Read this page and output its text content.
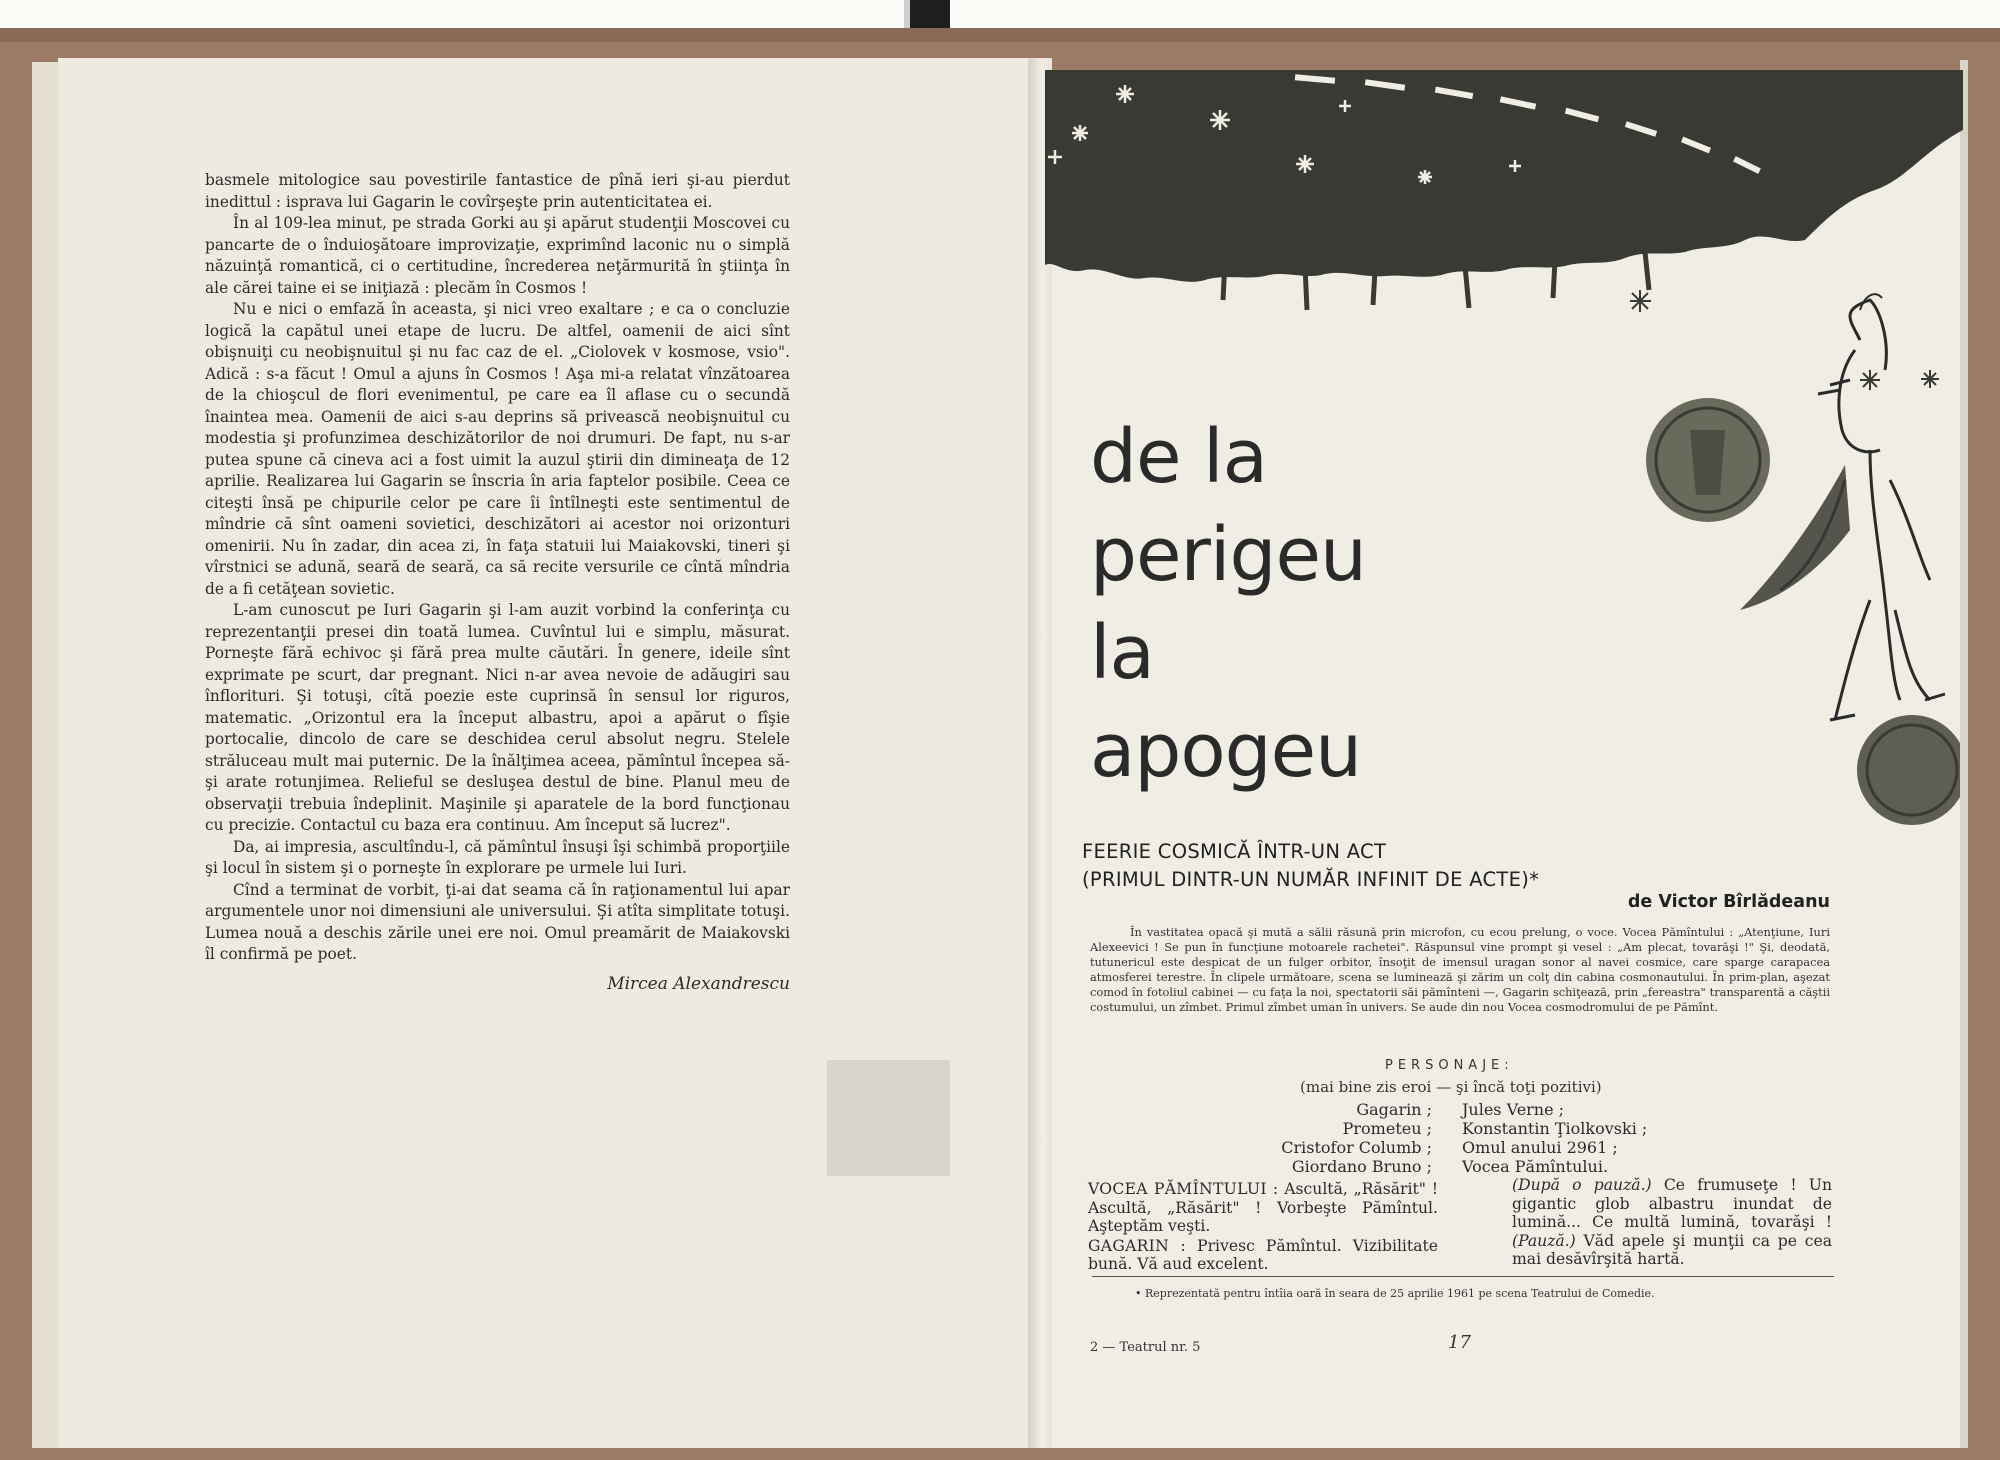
basmele mitologice sau povestirile fantastice de pînă ieri şi-au pierdut inedittul : isprava lui Gagarin le covîrşeşte prin autenticitatea ei.

În al 109-lea minut, pe strada Gorki au şi apărut studenţii Moscovei cu pancarte de o înduioşătoare improvizaţie, exprimînd laconic nu o simplă năzuinţă romantică, ci o certitudine, încrederea neţărmurită în ştiinţa în ale cărei taine ei se iniţiază : plecăm în Cosmos !

Nu e nici o emfază în aceasta, şi nici vreo exaltare ; e ca o concluzie logică la capătul unei etape de lucru. De altfel, oamenii de aici sînt obişnuiţi cu neobişnuitul şi nu fac caz de el. „Ciolovek v kosmose, vsio". Adică : s-a făcut ! Omul a ajuns în Cosmos ! Aşa mi-a relatat vînzătoarea de la chioşcul de flori evenimentul, pe care ea îl aflase cu o secundă înaintea mea. Oamenii de aici s-au deprins să privească neobişnuitul cu modestia şi profunzimea deschizătorilor de noi drumuri. De fapt, nu s-ar putea spune că cineva aci a fost uimit la auzul ştirii din dimineaţa de 12 aprilie. Realizarea lui Gagarin se înscria în aria faptelor posibile. Ceea ce citeşti însă pe chipurile celor pe care îi întîlneşti este sentimentul de mîndrie că sînt oameni sovietici, deschizători ai acestor noi orizonturi omenirii. Nu în zadar, din acea zi, în faţa statuii lui Maiakovski, tineri şi vîrstnici se adună, seară de seară, ca să recite versurile ce cîntă mîndria de a fi cetăţean sovietic.

L-am cunoscut pe Iuri Gagarin şi l-am auzit vorbind la conferinţa cu reprezentanţii presei din toată lumea. Cuvîntul lui e simplu, măsurat. Porneşte fără echivoc şi fără prea multe căutări. În genere, ideile sînt exprimate pe scurt, dar pregnant. Nici n-ar avea nevoie de adăugiri sau înflorituri. Şi totuşi, cîtă poezie este cuprinsă în sensul lor riguros, matematic. „Orizontul era la început albastru, apoi a apărut o fîşie portocalie, dincolo de care se deschidea cerul absolut negru. Stelele străluceau mult mai puternic. De la înălţimea aceea, pămîntul începea să-şi arate rotunjimea. Relieful se desluşea destul de bine. Planul meu de observaţii trebuia îndeplinit. Maşinile şi aparatele de la bord funcţionau cu precizie. Contactul cu baza era continuu. Am început să lucrez".

Da, ai impresia, ascultîndu-l, că pămîntul însuşi îşi schimbă proporţiile şi locul în sistem şi o porneşte în explorare pe urmele lui Iuri.

Cînd a terminat de vorbit, ţi-ai dat seama că în raţionamentul lui apar argumentele unor noi dimensiuni ale universului. Şi atîta simplitate totuşi. Lumea nouă a deschis zările unei ere noi. Omul preamărit de Maiakovski îl confirmă pe poet.

Mircea Alexandrescu
de la
perigeu
la
apogeu
FEERIE COSMICĂ ÎNTR-UN ACT
(PRIMUL DINTR-UN NUMĂR INFINIT DE ACTE)*
de Victor Bîrlădeanu
În vastitatea opacă şi mută a sălii răsună prin microfon, cu ecou prelung, o voce. Vocea Pămîntului : „Atenţiune, Iuri Alexeevici ! Se pun în funcţiune motoarele rachetei". Răspunsul vine prompt şi vesel : „Am plecat, tovarăşi !" Şi, deodată, tutunericul este despicat de un fulger orbitor, însoţit de imensul uragan sonor al navei cosmice, care sparge carapacea atmosferei terestre. În clipele următoare, scena se luminează şi zărim un colţ din cabina cosmonautului. În prim-plan, aşezat comod în fotoliul cabinei — cu faţa la noi, spectatorii săi pămînteni —, Gagarin schiţează, prin „fereastra" transparentă a căştii costumului, un zîmbet. Primul zîmbet uman în univers. Se aude din nou Vocea cosmodromului de pe Pămînt.
PERSONAJE:
(mai bine zis eroi — şi încă toţi pozitivi)
Gagarin ;
Prometeu ;
Cristofor Columb ;
Giordano Bruno ;
Jules Verne ;
Konstantin Ţiolkovski ;
Omul anului 2961 ;
Vocea Pămîntului.

VOCEA PĂMÎNTULUI : Ascultă, „Răsărit" ! Ascultă, „Răsărit" ! Vorbeşte Pămîntul. Aşteptăm veşti.

GAGARIN : Privesc Pămîntul. Vizibilitate bună. Vă aud excelent.

(După o pauză.) Ce frumuseţe ! Un gigantic glob albastru inundat de lumină... Ce multă lumină, tovarăşi ! (Pauză.) Văd apele şi munţii ca pe cea mai desăvîrşită hartă.
• Reprezentată pentru întîia oară în seara de 25 aprilie 1961 pe scena Teatrului de Comedie.
2 — Teatrul nr. 5	17
